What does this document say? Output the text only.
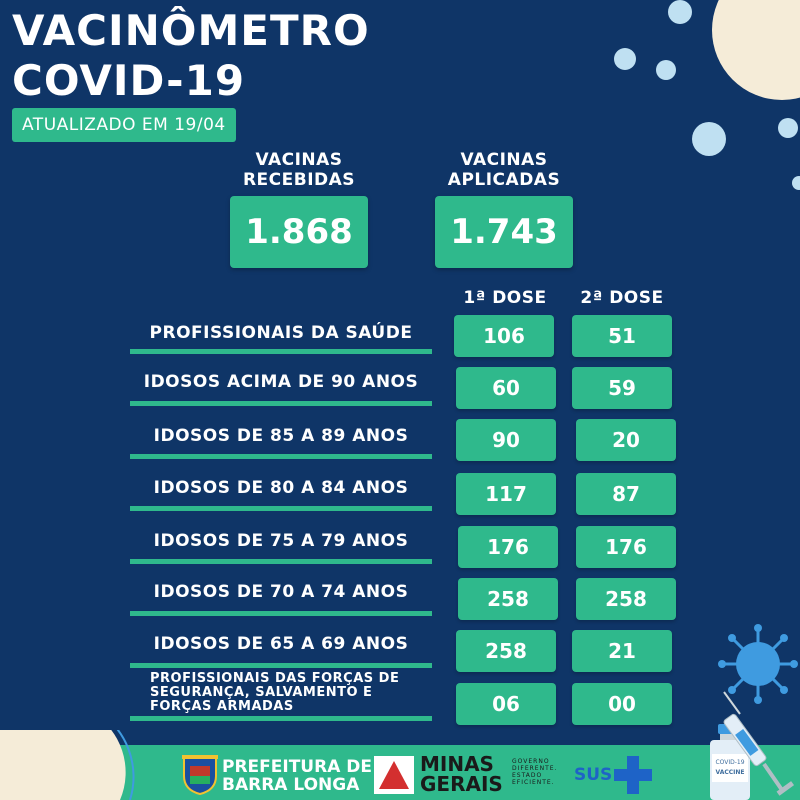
VACINÔMETRO
COVID-19
ATUALIZADO EM 19/04
VACINAS
RECEBIDAS
1.868
VACINAS
APLICADAS
1.743
1ª DOSE	2ª DOSE
PROFISSIONAIS DA SAÚDE	106	51
IDOSOS ACIMA DE 90 ANOS	60	59
IDOSOS DE 85 A 89 ANOS	90	20
IDOSOS DE 80 A 84 ANOS	117	87
IDOSOS DE 75 A 79 ANOS	176	176
IDOSOS DE 70 A 74 ANOS	258	258
IDOSOS DE 65 A 69 ANOS	258	21
PROFISSIONAIS DAS FORÇAS DE
SEGURANÇA, SALVAMENTO E
FORÇAS ARMADAS	06	00
PREFEITURA DE
BARRA LONGA
MINAS
GERAIS
GOVERNO
DIFERENTE.
ESTADO
EFICIENTE. SUS
COVID-19
VACCINE
